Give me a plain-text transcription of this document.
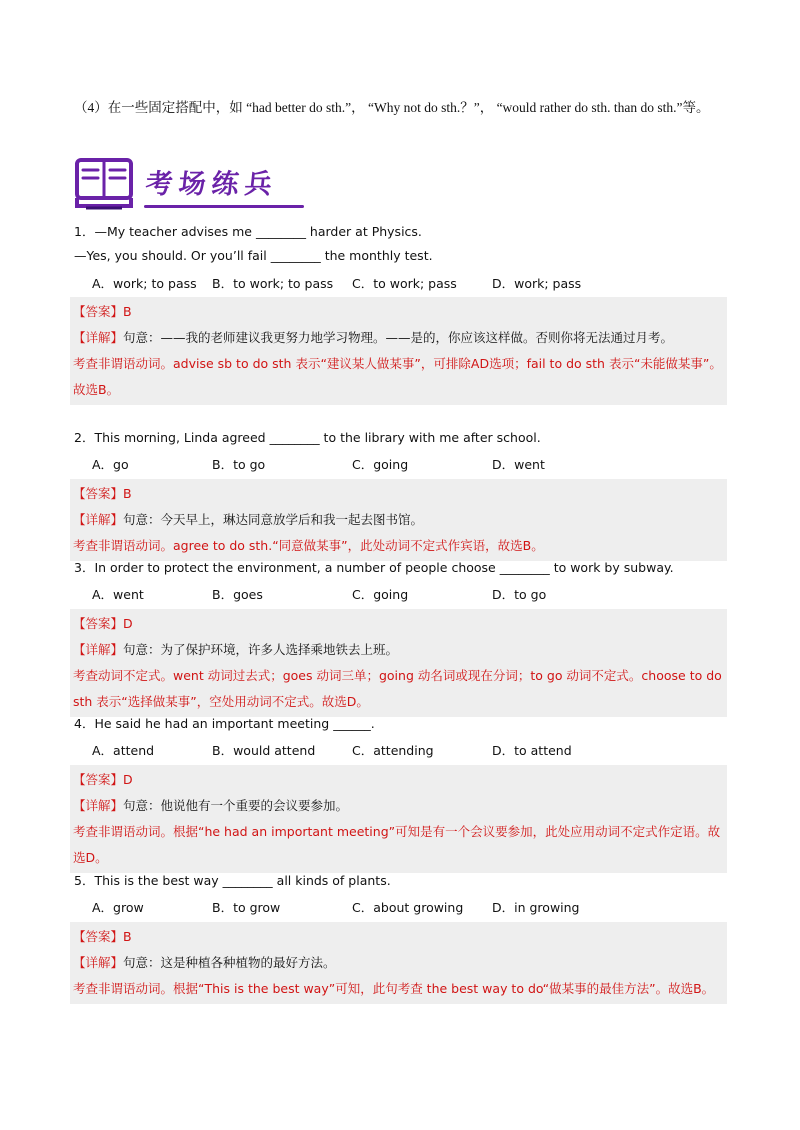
（4）在一些固定搭配中，如 “had better do sth.”， “Why not do sth.？”， “would rather do sth. than do sth.”等。
考场练兵
1．—My teacher advises me ________ harder at Physics.
—Yes, you should. Or you’ll fail ________ the monthly test.
A．work; to pass B．to work; to pass C．to work; pass	D．work; pass
【答案】B
【详解】句意：——我的老师建议我更努力地学习物理。——是的，你应该这样做。否则你将无法通过月考。
考查非谓语动词。advise sb to do sth 表示“建议某人做某事”，可排除AD选项；fail to do sth 表示“未能做某事”。故选B。
2．This morning, Linda agreed ________ to the library with me after school.
A．go	B．to go	C．going	D．went
【答案】B
【详解】句意：今天早上，琳达同意放学后和我一起去图书馆。
考查非谓语动词。agree to do sth.“同意做某事”，此处动词不定式作宾语，故选B。
3．In order to protect the environment, a number of people choose ________ to work by subway.
A．went	B．goes	C．going	D．to go
【答案】D
【详解】句意：为了保护环境，许多人选择乘地铁去上班。
考查动词不定式。went 动词过去式；goes 动词三单；going 动名词或现在分词；to go 动词不定式。choose to do sth 表示“选择做某事”，空处用动词不定式。故选D。
4．He said he had an important meeting ______.
A．attend	B．would attend	C．attending	D．to attend
【答案】D
【详解】句意：他说他有一个重要的会议要参加。
考查非谓语动词。根据“he had an important meeting”可知是有一个会议要参加，此处应用动词不定式作定语。故选D。
5．This is the best way ________ all kinds of plants.
A．grow	B．to grow	C．about growing D．in growing
【答案】B
【详解】句意：这是种植各种植物的最好方法。
考查非谓语动词。根据“This is the best way”可知，此句考查 the best way to do“做某事的最佳方法”。故选B。
